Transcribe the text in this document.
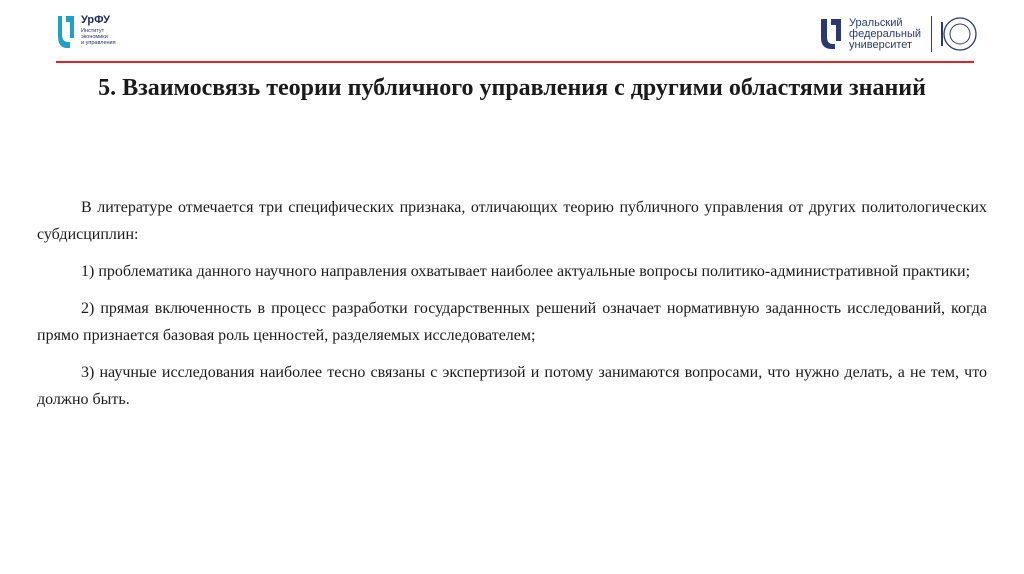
УрФУ
Институт
экономики
и управления
Уральский
федеральный
университет
5. Взаимосвязь теории публичного управления с другими областями знаний

В литературе отмечается три специфических признака, отличающих теорию публичного управления от других политологических субдисциплин:

1) проблематика данного научного направления охватывает наиболее актуальные вопросы политико-административной практики;

2) прямая включенность в процесс разработки государственных решений означает нормативную заданность исследований, когда прямо признается базовая роль ценностей, разделяемых исследователем;

3) научные исследования наиболее тесно связаны с экспертизой и потому занимаются вопросами, что нужно делать, а не тем, что должно быть.
